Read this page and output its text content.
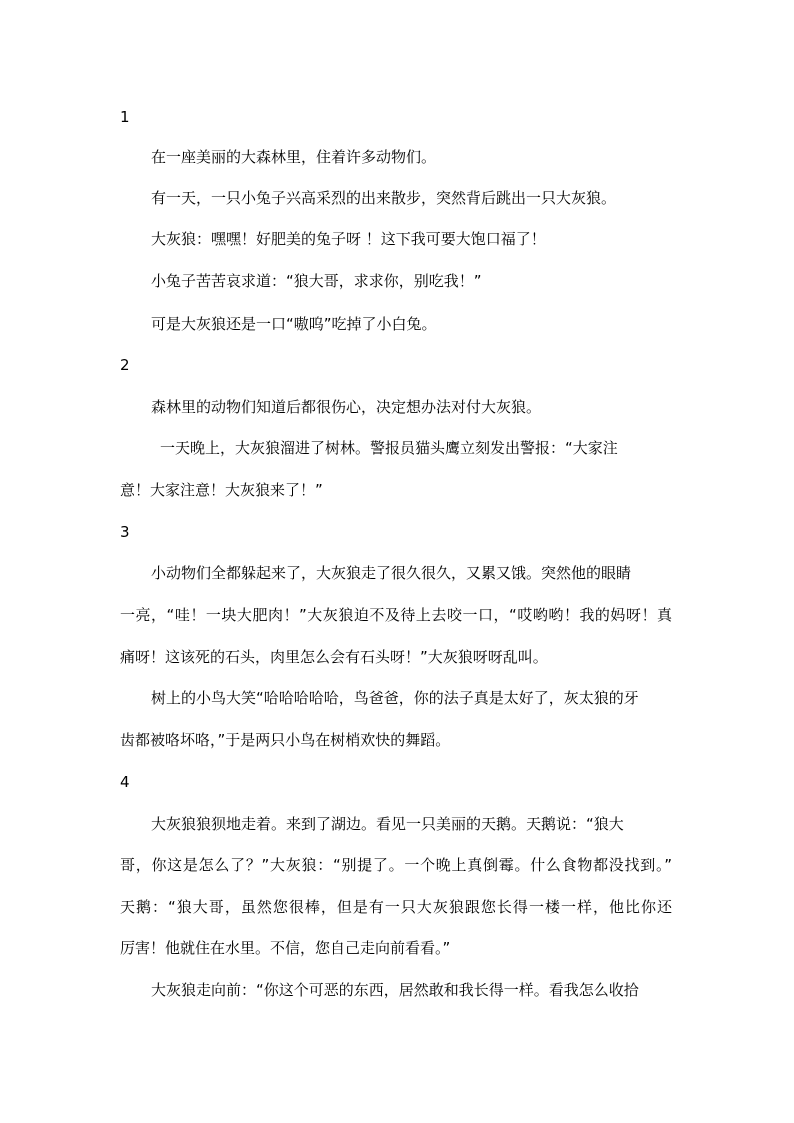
1
在一座美丽的大森林里，住着许多动物们。
有一天，一只小兔子兴高采烈的出来散步，突然背后跳出一只大灰狼。
大灰狼：嘿嘿！好肥美的兔子呀 ！这下我可要大饱口福了！
小兔子苦苦哀求道：“狼大哥，求求你，别吃我！”
可是大灰狼还是一口“嗷呜”吃掉了小白兔。
2
森林里的动物们知道后都很伤心，决定想办法对付大灰狼。
一天晚上，大灰狼溜进了树林。警报员猫头鹰立刻发出警报：“大家注
意！大家注意！大灰狼来了！”
3
小动物们全都躲起来了，大灰狼走了很久很久，又累又饿。突然他的眼睛
一亮，“哇！一块大肥肉！”大灰狼迫不及待上去咬一口，“哎哟哟！我的妈呀！真
痛呀！这该死的石头，肉里怎么会有石头呀！”大灰狼呀呀乱叫。
树上的小鸟大笑“哈哈哈哈哈，鸟爸爸，你的法子真是太好了，灰太狼的牙
齿都被咯坏咯，”于是两只小鸟在树梢欢快的舞蹈。
4
大灰狼狼狈地走着。来到了湖边。看见一只美丽的天鹅。天鹅说：“狼大
哥，你这是怎么了？”大灰狼：“别提了。一个晚上真倒霉。什么食物都没找到。”
天鹅：“狼大哥，虽然您很棒，但是有一只大灰狼跟您长得一楼一样，他比你还
厉害！他就住在水里。不信，您自己走向前看看。”
大灰狼走向前：“你这个可恶的东西，居然敢和我长得一样。看我怎么收拾
